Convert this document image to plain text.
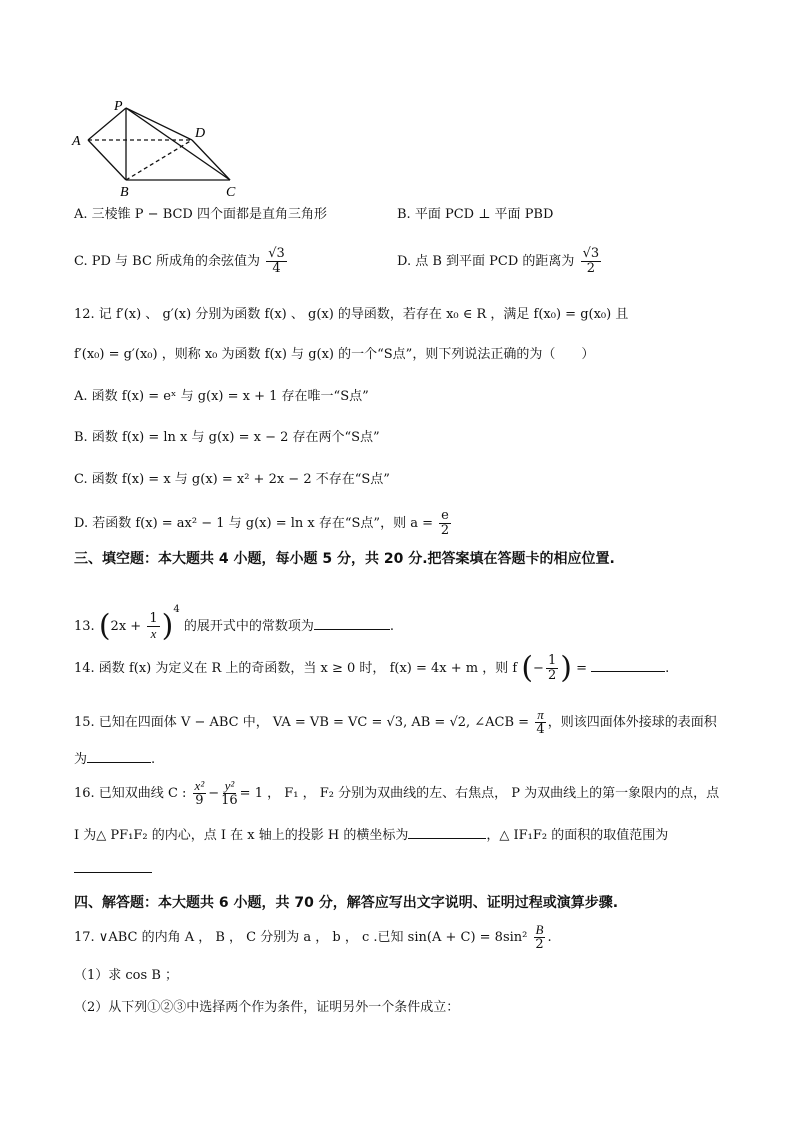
P
A
D
B	C
A. 三棱锥 P − BCD 四个面都是直角三角形	B. 平面 PCD ⊥ 平面 PBD
C. PD 与 BC 所成角的余弦值为 $\frac{√3}{4}$	D. 点 B 到平面 PCD 的距离为 $\frac{√3}{2}$
12. 记 f′(x) 、 g′(x) 分别为函数 f(x) 、 g(x) 的导函数，若存在 x₀ ∈ R ，满足 f(x₀) = g(x₀) 且
f′(x₀) = g′(x₀) ，则称 x₀ 为函数 f(x) 与 g(x) 的一个“S点”，则下列说法正确的为（　　）
A. 函数 f(x) = eˣ 与 g(x) = x + 1 存在唯一“S点”
B. 函数 f(x) = ln x 与 g(x) = x − 2 存在两个“S点”
C. 函数 f(x) = x 与 g(x) = x² + 2x − 2 不存在“S点”
D. 若函数 f(x) = ax² − 1 与 g(x) = ln x 存在“S点”，则 $a = \frac{e}{2}$
三、填空题：本大题共 4 小题，每小题 5 分，共 20 分.把答案填在答题卡的相应位置.
13. $(2x + \frac{1}{x} )^4$ 的展开式中的常数项为	.
14. 函数 f(x) 为定义在 R 上的奇函数，当 x ≥ 0 时， f(x) = 4x + m ，则 f (− $\frac{1}{2}$ ) =	.
15. 已知在四面体 V − ABC 中， VA = VB = VC = √3, AB = √2, ∠ACB = $\frac{\pi}{4}$ ，则该四面体外接球的表面积
为	.
16. 已知双曲线 C : $\frac{\text{x²}}{9} - \frac{\text{y²}}{16} = 1$ ， F₁ ， F₂ 分别为双曲线的左、右焦点， P 为双曲线上的第一象限内的点，点
I 为△ PF₁F₂ 的内心，点 I 在 x 轴上的投影 H 的横坐标为	，△ IF₁F₂ 的面积的取值范围为
四、解答题：本大题共 6 小题，共 70 分，解答应写出文字说明、证明过程或演算步骤.
17. ∨ABC 的内角 A ， B ， C 分别为 a ， b ， c .已知 $\sin(A + C) = 8\sin^2 \frac{B}{2}$ .
（1）求 cos B ；
（2）从下列①②③中选择两个作为条件，证明另外一个条件成立：
